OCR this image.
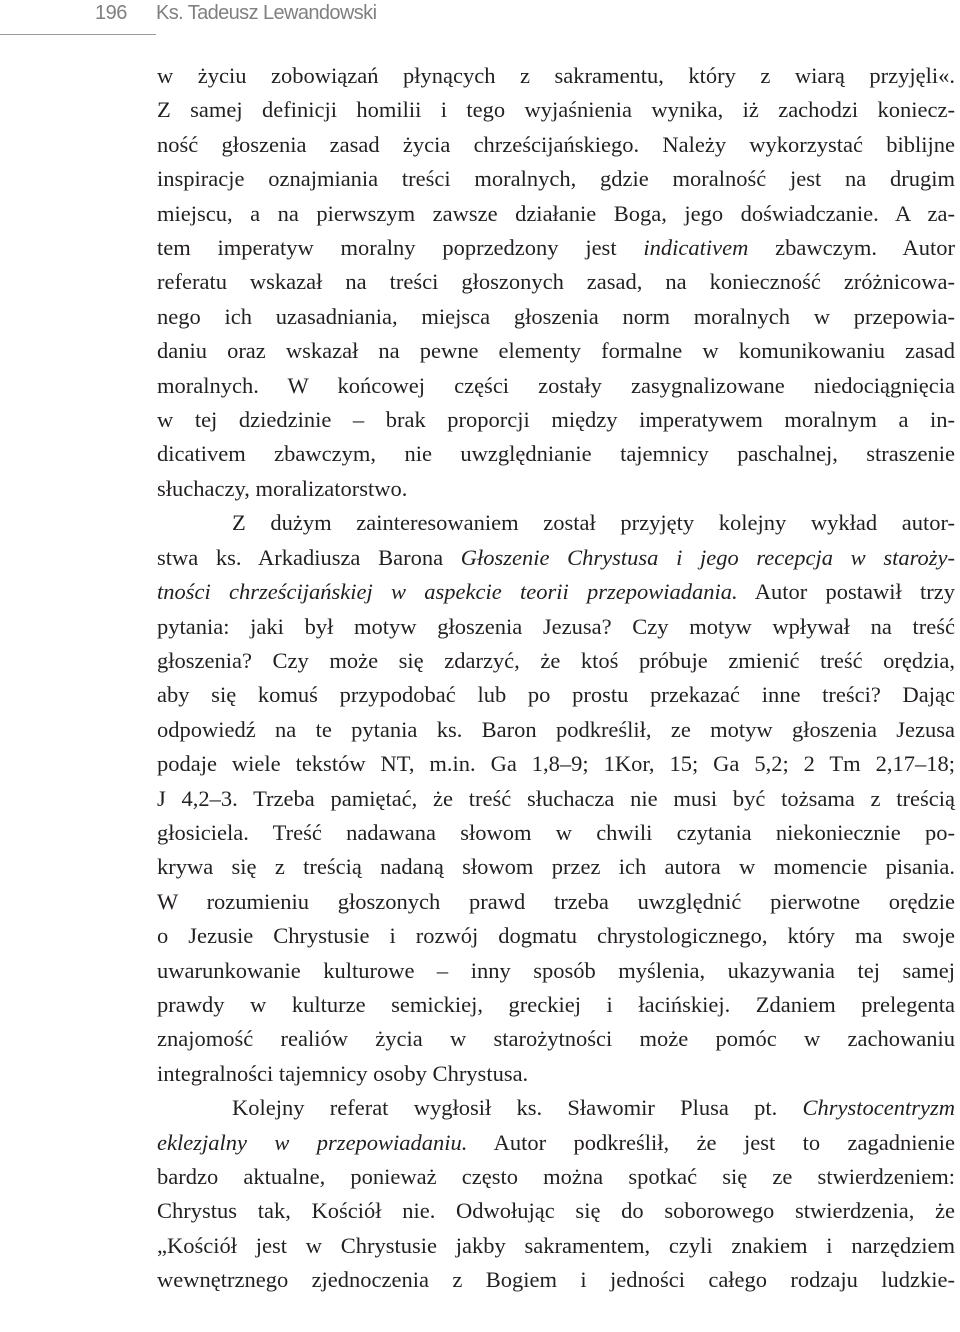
196 Ks. Tadeusz Lewandowski
w życiu zobowiązań płynących z sakramentu, który z wiarą przyjęli«.
Z samej definicji homilii i tego wyjaśnienia wynika, iż zachodzi koniecz-
ność głoszenia zasad życia chrześcijańskiego. Należy wykorzystać biblijne
inspiracje oznajmiania treści moralnych, gdzie moralność jest na drugim
miejscu, a na pierwszym zawsze działanie Boga, jego doświadczanie. A za-
tem imperatyw moralny poprzedzony jest indicativem zbawczym. Autor
referatu wskazał na treści głoszonych zasad, na konieczność zróżnicowa-
nego ich uzasadniania, miejsca głoszenia norm moralnych w przepowia-
daniu oraz wskazał na pewne elementy formalne w komunikowaniu zasad
moralnych. W końcowej części zostały zasygnalizowane niedociągnięcia
w tej dziedzinie – brak proporcji między imperatywem moralnym a in-
dicativem zbawczym, nie uwzględnianie tajemnicy paschalnej, straszenie
słuchaczy, moralizatorstwo.
Z dużym zainteresowaniem został przyjęty kolejny wykład autor-
stwa ks. Arkadiusza Barona Głoszenie Chrystusa i jego recepcja w staroży-
tności chrześcijańskiej w aspekcie teorii przepowiadania. Autor postawił trzy
pytania: jaki był motyw głoszenia Jezusa? Czy motyw wpływał na treść
głoszenia? Czy może się zdarzyć, że ktoś próbuje zmienić treść orędzia,
aby się komuś przypodobać lub po prostu przekazać inne treści? Dając
odpowiedź na te pytania ks. Baron podkreślił, ze motyw głoszenia Jezusa
podaje wiele tekstów NT, m.in. Ga 1,8–9; 1Kor, 15; Ga 5,2; 2 Tm 2,17–18;
J 4,2–3. Trzeba pamiętać, że treść słuchacza nie musi być tożsama z treścią
głosiciela. Treść nadawana słowom w chwili czytania niekoniecznie po-
krywa się z treścią nadaną słowom przez ich autora w momencie pisania.
W rozumieniu głoszonych prawd trzeba uwzględnić pierwotne orędzie
o Jezusie Chrystusie i rozwój dogmatu chrystologicznego, który ma swoje
uwarunkowanie kulturowe – inny sposób myślenia, ukazywania tej samej
prawdy w kulturze semickiej, greckiej i łacińskiej. Zdaniem prelegenta
znajomość realiów życia w starożytności może pomóc w zachowaniu
integralności tajemnicy osoby Chrystusa.
Kolejny referat wygłosił ks. Sławomir Plusa pt. Chrystocentryzm
eklezjalny w przepowiadaniu. Autor podkreślił, że jest to zagadnienie
bardzo aktualne, ponieważ często można spotkać się ze stwierdzeniem:
Chrystus tak, Kościół nie. Odwołując się do soborowego stwierdzenia, że
„Kościół jest w Chrystusie jakby sakramentem, czyli znakiem i narzędziem
wewnętrznego zjednoczenia z Bogiem i jedności całego rodzaju ludzkie-
